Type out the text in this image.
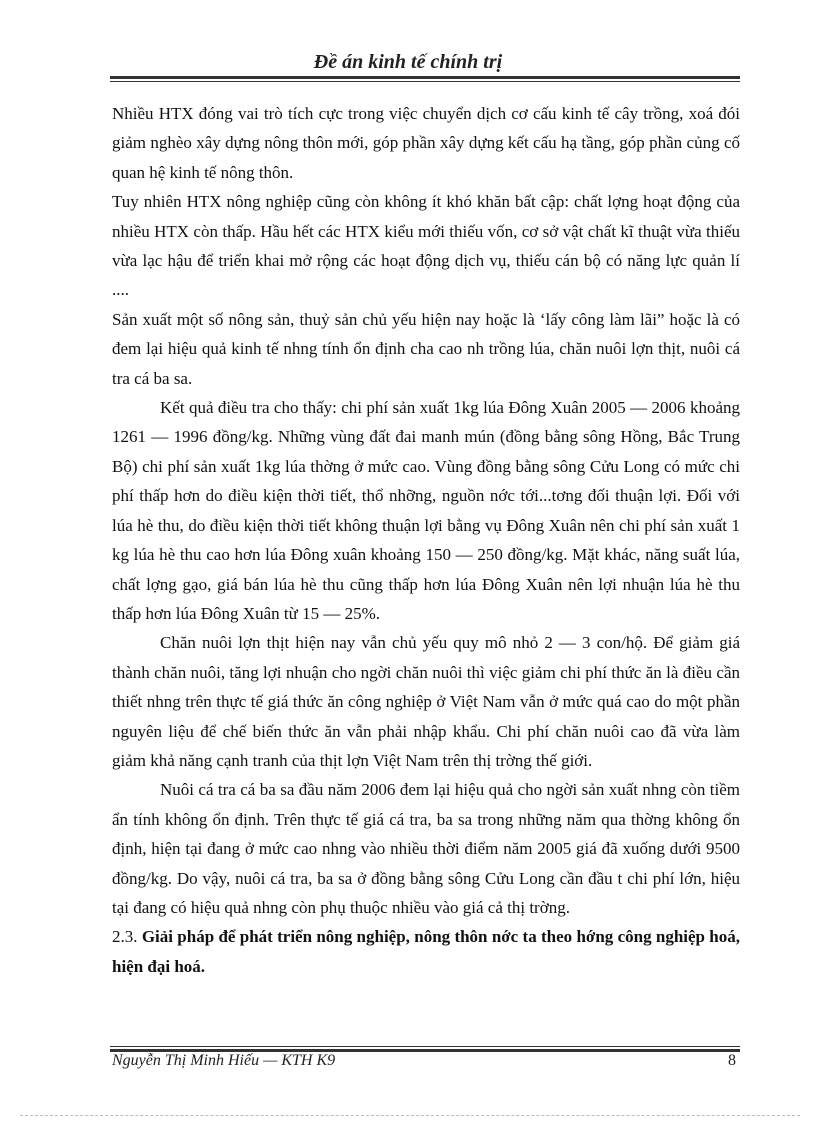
Đề án kinh tế chính trị

Nhiều HTX đóng vai trò tích cực trong việc chuyển dịch cơ cấu kinh tế cây trồng, xoá đói giảm nghèo xây dựng nông thôn mới, góp phần xây dựng kết cấu hạ tầng, góp phần củng cố quan hệ kinh tế nông thôn.

Tuy nhiên HTX nông nghiệp cũng còn không ít khó khăn bất cập: chất lợng hoạt động của nhiều HTX còn thấp. Hầu hết các HTX kiểu mới thiếu vốn, cơ sở vật chất kĩ thuật vừa thiếu vừa lạc hậu để triển khai mở rộng các hoạt động dịch vụ, thiếu cán bộ có năng lực quản lí ....

Sản xuất một số nông sản, thuỷ sản chủ yếu hiện nay hoặc là ‘lấy công làm lãi” hoặc là có đem lại hiệu quả kinh tế nhng tính ổn định cha cao nh trồng lúa, chăn nuôi lợn thịt, nuôi cá tra cá ba sa.

Kết quả điều tra cho thấy: chi phí sản xuất 1kg lúa Đông Xuân 2005 — 2006 khoảng 1261 — 1996 đồng/kg. Những vùng đất đai manh mún (đồng bằng sông Hồng, Bắc Trung Bộ) chi phí sản xuất 1kg lúa thờng ở mức cao. Vùng đồng bằng sông Cửu Long có mức chi phí thấp hơn do điều kiện thời tiết, thổ nhỡng, nguồn nớc tới...tơng đối thuận lợi. Đối với lúa hè thu, do điều kiện thời tiết không thuận lợi bằng vụ Đông Xuân nên chi phí sản xuất 1 kg lúa hè thu cao hơn lúa Đông xuân khoảng 150 — 250 đồng/kg. Mặt khác, năng suất lúa, chất lợng gạo, giá bán lúa hè thu cũng thấp hơn lúa Đông Xuân nên lợi nhuận lúa hè thu thấp hơn lúa Đông Xuân từ 15 — 25%.

Chăn nuôi lợn thịt hiện nay vẫn chủ yếu quy mô nhỏ 2 — 3 con/hộ. Để giảm giá thành chăn nuôi, tăng lợi nhuận cho ngời chăn nuôi thì việc giảm chi phí thức ăn là điều cần thiết nhng trên thực tế giá thức ăn công nghiệp ở Việt Nam vẫn ở mức quá cao do một phần nguyên liệu để chế biến thức ăn vẫn phải nhập khẩu. Chi phí chăn nuôi cao đã vừa làm giảm khả năng cạnh tranh của thịt lợn Việt Nam trên thị trờng thế giới.

Nuôi cá tra cá ba sa đầu năm 2006 đem lại hiệu quả cho ngời sản xuất nhng còn tiềm ẩn tính không ổn định. Trên thực tế giá cá tra, ba sa trong những năm qua thờng không ổn định, hiện tại đang ở mức cao nhng vào nhiều thời điểm năm 2005 giá đã xuống dưới 9500 đồng/kg. Do vậy, nuôi cá tra, ba sa ở đồng bằng sông Cửu Long cần đầu t chi phí lớn, hiệu tại đang có hiệu quả nhng còn phụ thuộc nhiều vào giá cả thị trờng.

2.3. Giải pháp để phát triển nông nghiệp, nông thôn nớc ta theo hớng công nghiệp hoá, hiện đại hoá.

Nguyễn Thị Minh Hiếu — KTH K9	8
